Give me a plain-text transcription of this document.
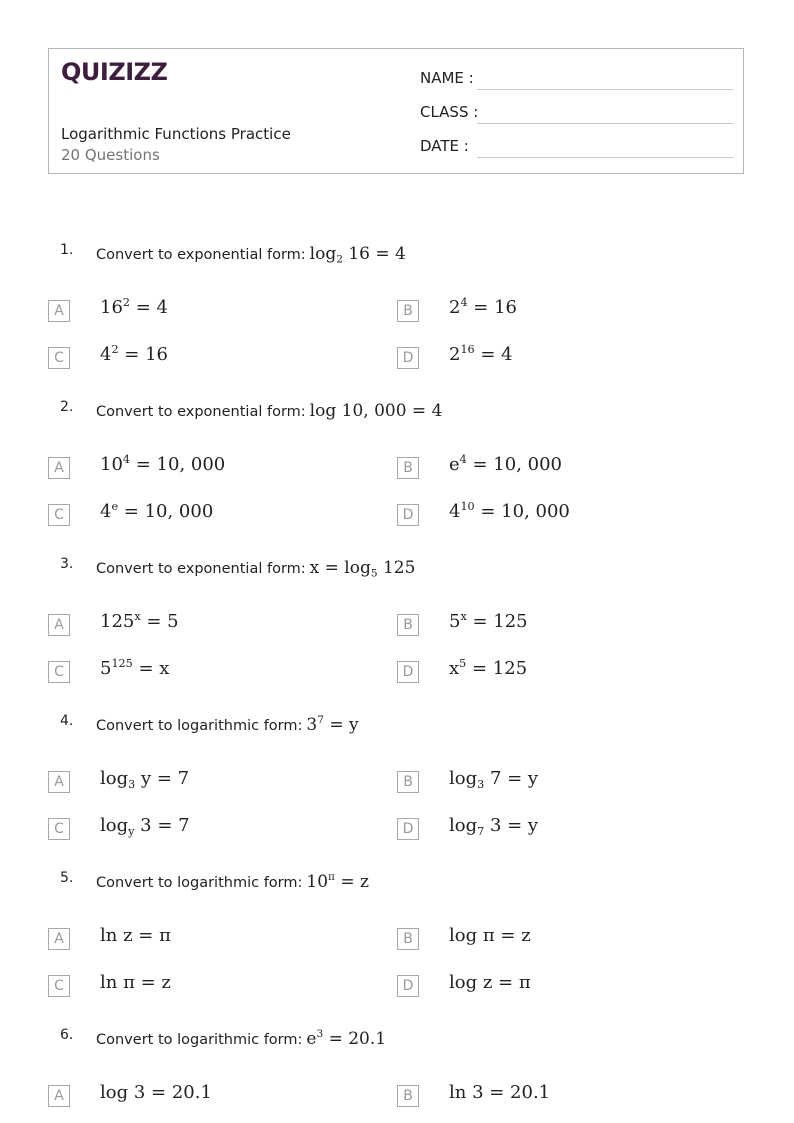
QUIZIZZ
Logarithmic Functions Practice
20 Questions
NAME :
CLASS :
DATE :
1. Convert to exponential form: $\log_2 16 = 4$
A	$16^2 = 4$	B	$2^4 = 16$
C	$4^2 = 16$	D	$2^{16} = 4$
2. Convert to exponential form: log 10, 000 = 4
A	$10^4 = 10$, 000	B	$e^4 = 10$, 000
C	$4^e = 10$, 000	D	$4^{10} = 10$, 000
3. Convert to exponential form: $x = \log_5 125$
A	$125^x = 5$	B	$5^x = 125$
C	$5^{125} = x$	D	$x^5 = 125$
4. Convert to logarithmic form: $3^7 = y$
A	$\log_3 y = 7$	B	$\log_3 7 = y$
C	$\log_y 3 = 7$	D	$\log_7 3 = y$
5. Convert to logarithmic form: $10^\pi = z$
A	ln z = π	B	log π = z
C	ln π = z	D	log z = π
6. Convert to logarithmic form: $e^3 = 20.1$
A	log 3 = 20.1	B	ln 3 = 20.1
